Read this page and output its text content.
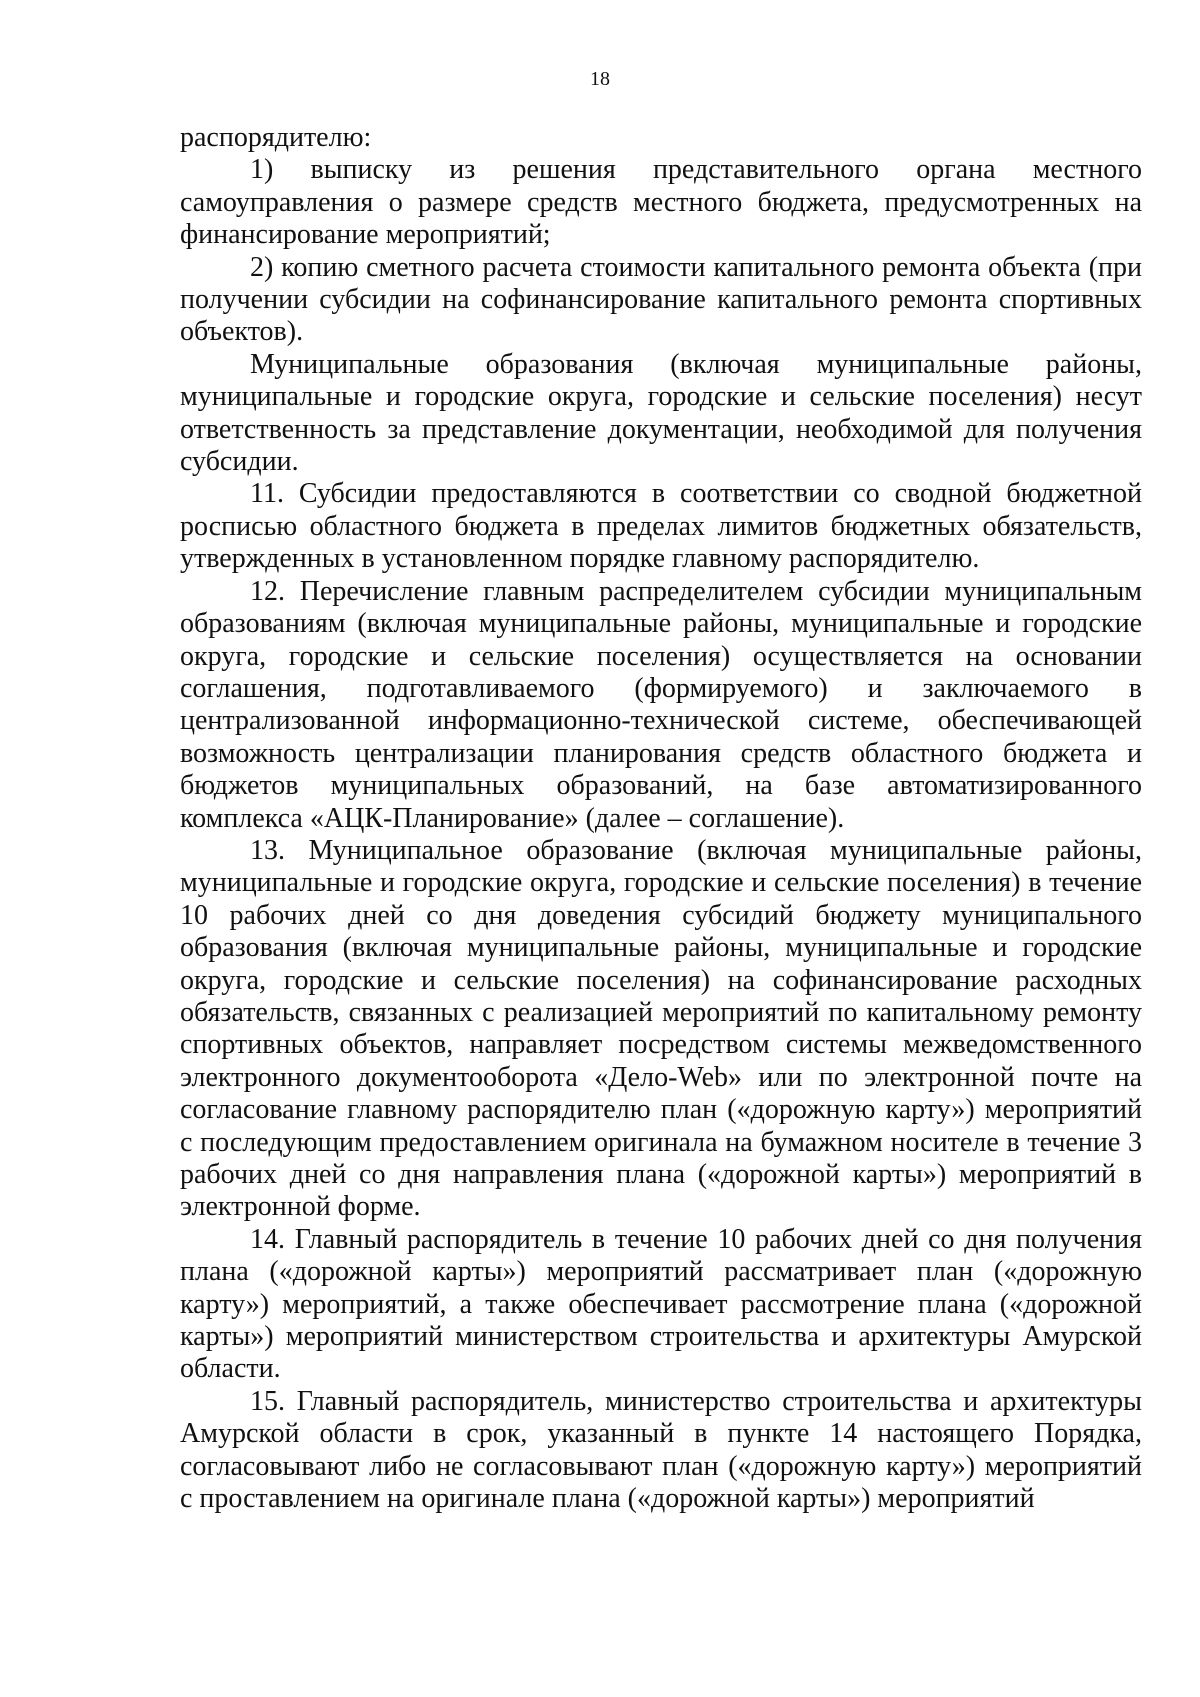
18

распорядителю:

1) выписку из решения представительного органа местного самоуправления о размере средств местного бюджета, предусмотренных на финансирование мероприятий;

2) копию сметного расчета стоимости капитального ремонта объекта (при получении субсидии на софинансирование капитального ремонта спортивных объектов).

Муниципальные образования (включая муниципальные районы, муниципальные и городские округа, городские и сельские поселения) несут ответственность за представление документации, необходимой для получения субсидии.

11. Субсидии предоставляются в соответствии со сводной бюджетной росписью областного бюджета в пределах лимитов бюджетных обязательств, утвержденных в установленном порядке главному распорядителю.

12. Перечисление главным распределителем субсидии муниципальным образованиям (включая муниципальные районы, муниципальные и городские округа, городские и сельские поселения) осуществляется на основании соглашения, подготавливаемого (формируемого) и заключаемого в централизованной информационно-технической системе, обеспечивающей возможность централизации планирования средств областного бюджета и бюджетов муниципальных образований, на базе автоматизированного комплекса «АЦК-Планирование» (далее – соглашение).

13. Муниципальное образование (включая муниципальные районы, муниципальные и городские округа, городские и сельские поселения) в течение 10 рабочих дней со дня доведения субсидий бюджету муниципального образования (включая муниципальные районы, муниципальные и городские округа, городские и сельские поселения) на софинансирование расходных обязательств, связанных с реализацией мероприятий по капитальному ремонту спортивных объектов, направляет посредством системы межведомственного электронного документооборота «Дело-Web» или по электронной почте на согласование главному распорядителю план («дорожную карту») мероприятий с последующим предоставлением оригинала на бумажном носителе в течение 3 рабочих дней со дня направления плана («дорожной карты») мероприятий в электронной форме.

14. Главный распорядитель в течение 10 рабочих дней со дня получения плана («дорожной карты») мероприятий рассматривает план («дорожную карту») мероприятий, а также обеспечивает рассмотрение плана («дорожной карты») мероприятий министерством строительства и архитектуры Амурской области.

15. Главный распорядитель, министерство строительства и архитектуры Амурской области в срок, указанный в пункте 14 настоящего Порядка, согласовывают либо не согласовывают план («дорожную карту») мероприятий с проставлением на оригинале плана («дорожной карты») мероприятий
